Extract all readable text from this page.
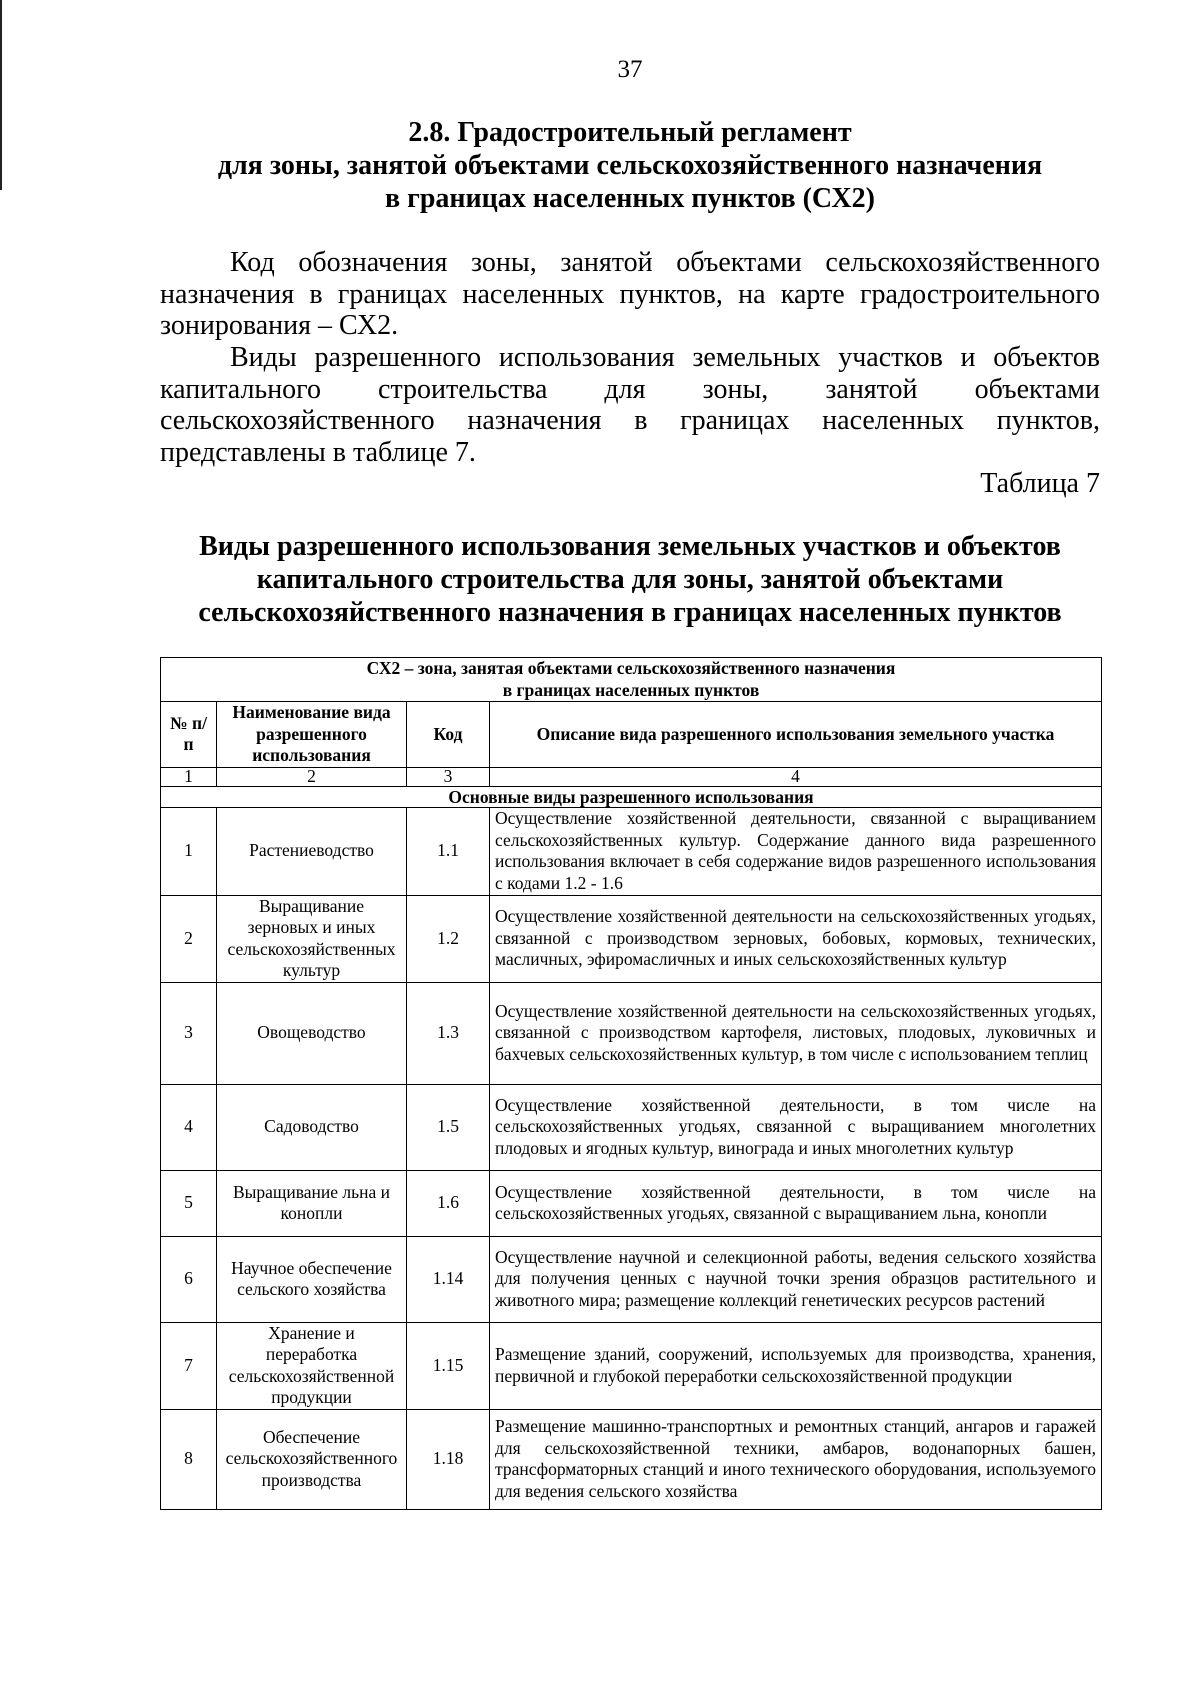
37
2.8. Градостроительный регламент
для зоны, занятой объектами сельскохозяйственного назначения
в границах населенных пунктов (СХ2)

Код обозначения зоны, занятой объектами сельскохозяйственного назначения в границах населенных пунктов, на карте градостроительного зонирования – СХ2.

Виды разрешенного использования земельных участков и объектов капитального строительства для зоны, занятой объектами сельскохозяйственного назначения в границах населенных пунктов, представлены в таблице 7.

Таблица 7
Виды разрешенного использования земельных участков и объектов
капитального строительства для зоны, занятой объектами
сельскохозяйственного назначения в границах населенных пунктов
СХ2 – зона, занятая объектами сельскохозяйственного назначения
в границах населенных пунктов			

№ п/п	Наименование вида разрешенного использования	Код	Описание вида разрешенного использования земельного участка
1	2	3	4
Основные виды разрешенного использования			
1	Растениеводство	1.1	Осуществление хозяйственной деятельности, связанной с выращиванием сельскохозяйственных культур. Содержание данного вида разрешенного использования включает в себя содержание видов разрешенного использования с кодами 1.2 - 1.6
2	Выращивание зерновых и иных сельскохозяйственных культур	1.2	Осуществление хозяйственной деятельности на сельскохозяйственных угодьях, связанной с производством зерновых, бобовых, кормовых, технических, масличных, эфиромасличных и иных сельскохозяйственных культур
3	Овощеводство	1.3	Осуществление хозяйственной деятельности на сельскохозяйственных угодьях, связанной с производством картофеля, листовых, плодовых, луковичных и бахчевых сельскохозяйственных культур, в том числе с использованием теплиц
4	Садоводство	1.5	Осуществление хозяйственной деятельности, в том числе на сельскохозяйственных угодьях, связанной с выращиванием многолетних плодовых и ягодных культур, винограда и иных многолетних культур
5	Выращивание льна и конопли	1.6	Осуществление хозяйственной деятельности, в том числе на сельскохозяйственных угодьях, связанной с выращиванием льна, конопли
6	Научное обеспечение сельского хозяйства	1.14	Осуществление научной и селекционной работы, ведения сельского хозяйства для получения ценных с научной точки зрения образцов растительного и животного мира; размещение коллекций генетических ресурсов растений
7	Хранение и переработка сельскохозяйственной продукции	1.15	Размещение зданий, сооружений, используемых для производства, хранения, первичной и глубокой переработки сельскохозяйственной продукции
8	Обеспечение сельскохозяйственного производства	1.18	Размещение машинно-транспортных и ремонтных станций, ангаров и гаражей для сельскохозяйственной техники, амбаров, водонапорных башен, трансформаторных станций и иного технического оборудования, используемого для ведения сельского хозяйства
